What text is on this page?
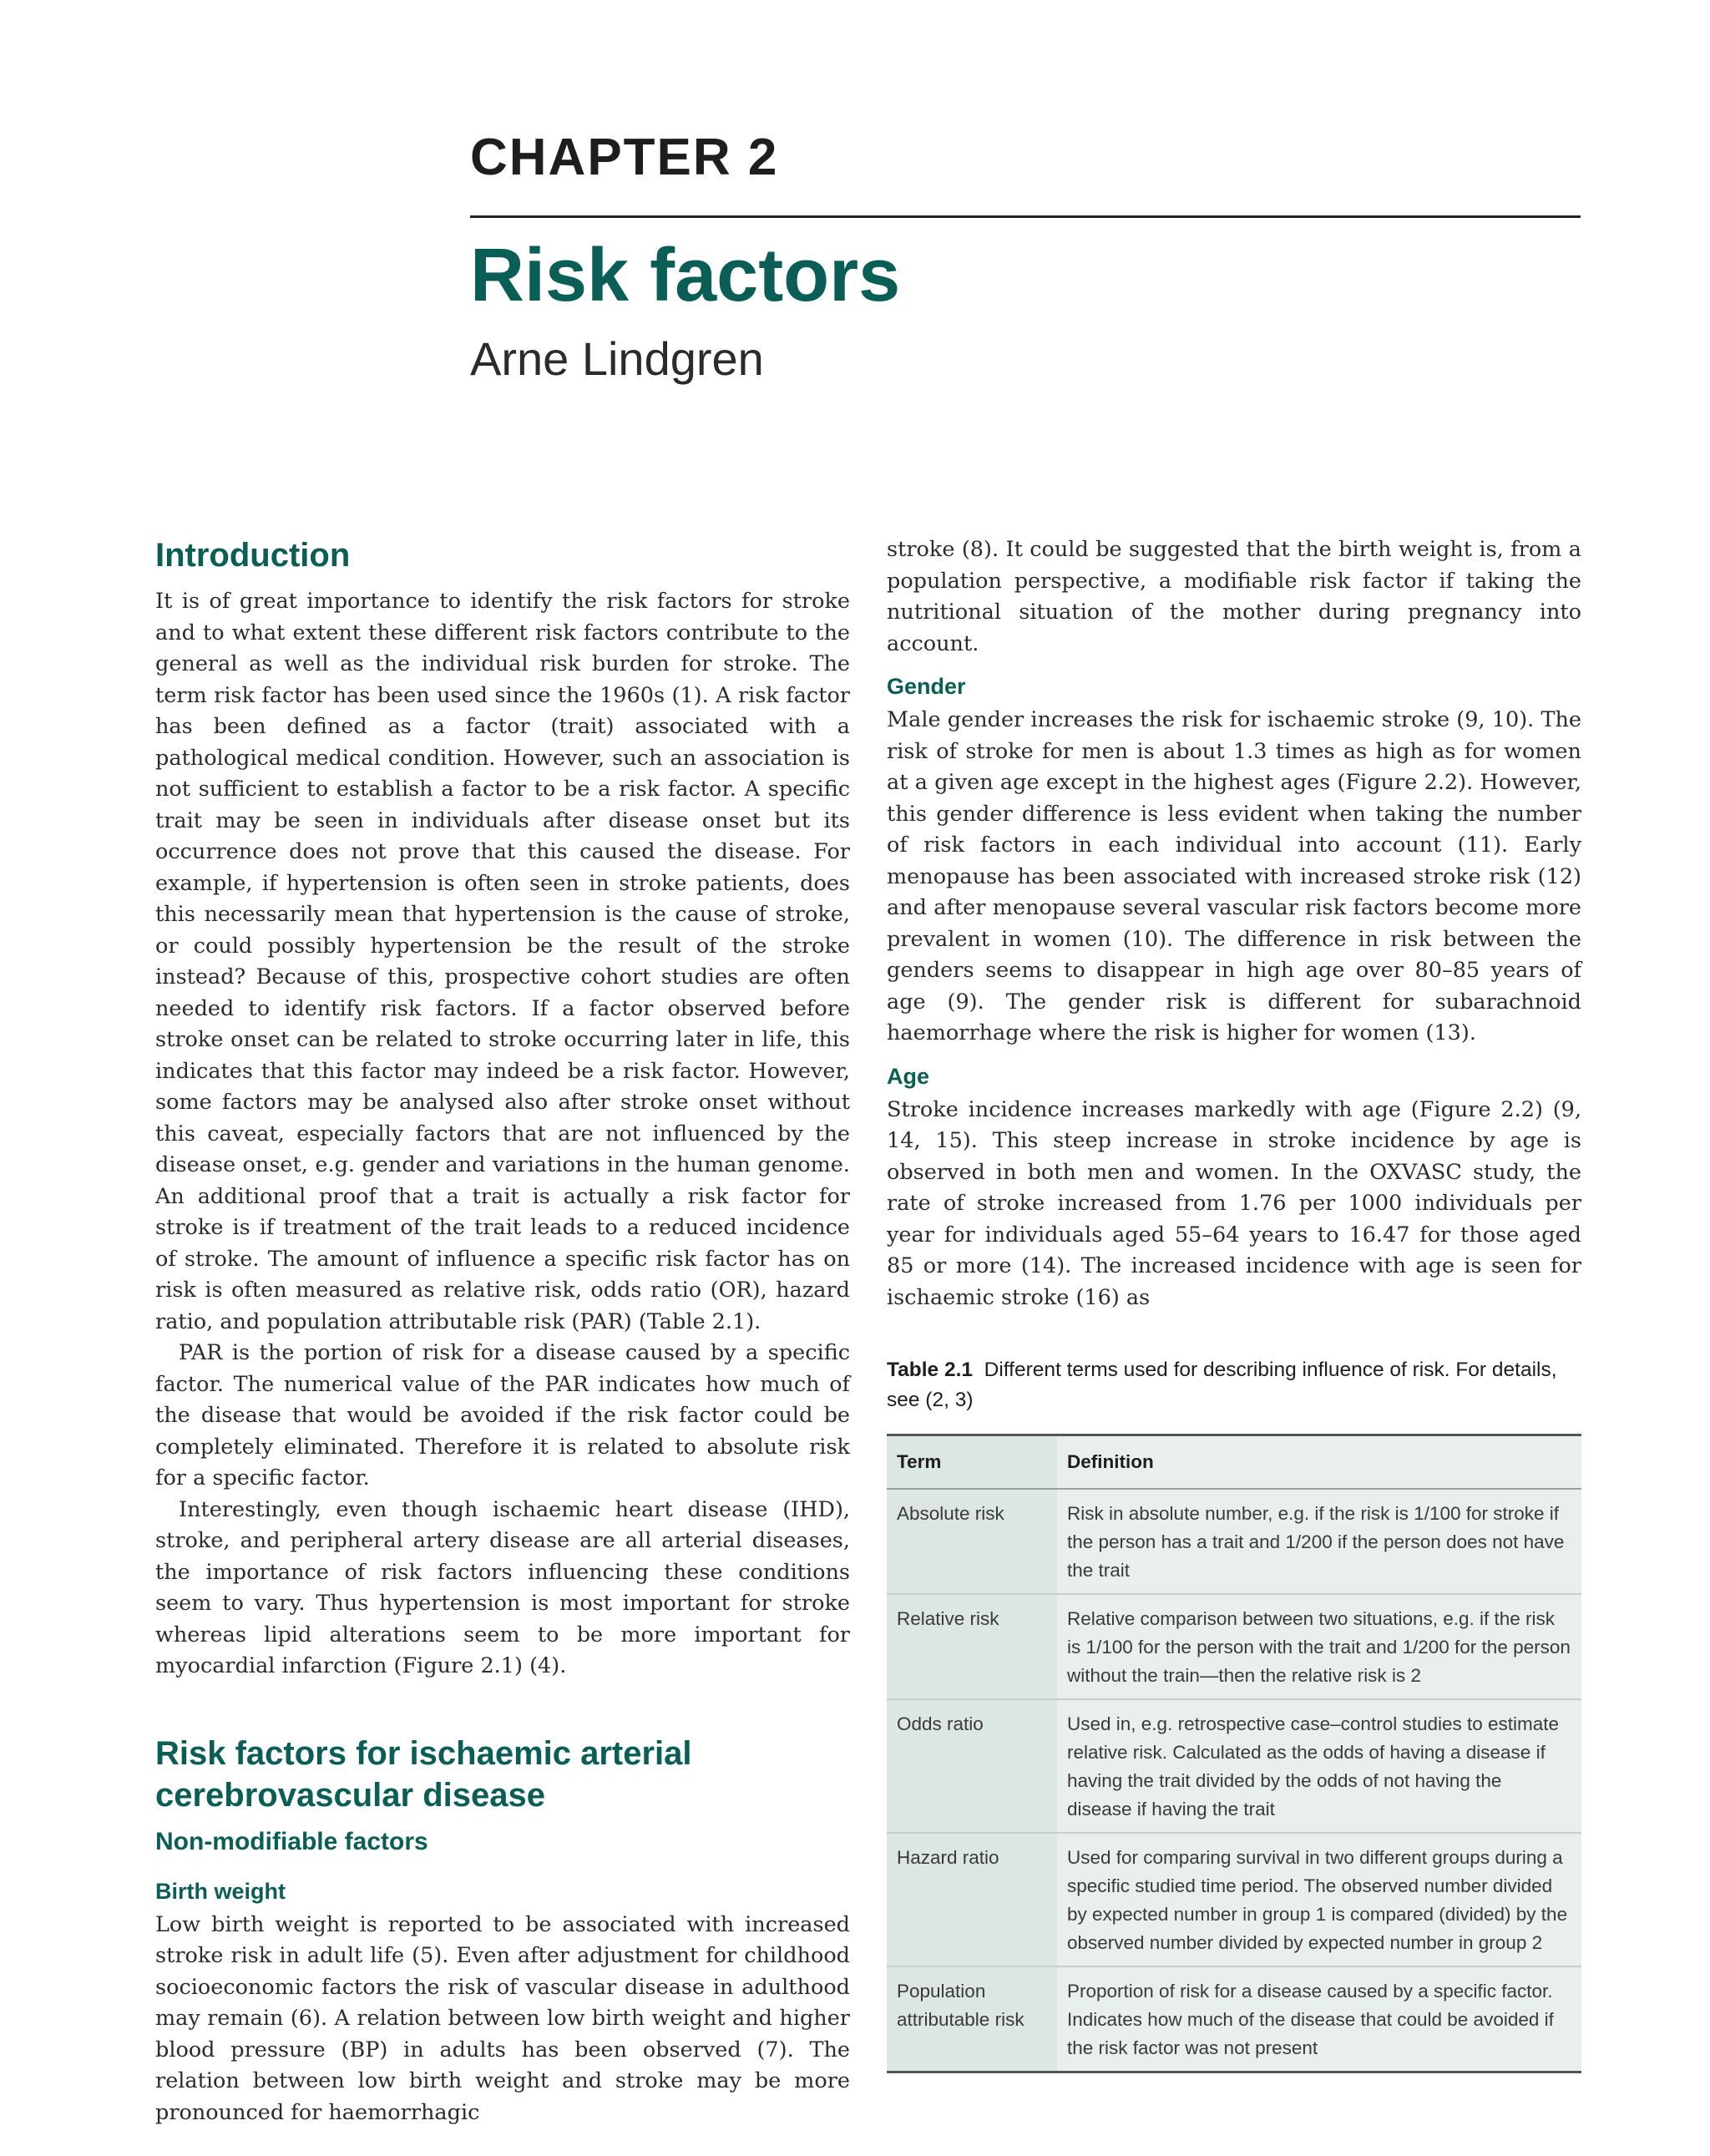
CHAPTER 2
Risk factors
Arne Lindgren
Introduction

It is of great importance to identify the risk factors for stroke and to what extent these different risk factors contribute to the general as well as the individual risk burden for stroke. The term risk factor has been used since the 1960s (1). A risk factor has been defined as a factor (trait) associated with a pathological medical condition. However, such an association is not sufficient to establish a factor to be a risk factor. A specific trait may be seen in individuals after disease onset but its occurrence does not prove that this caused the disease. For example, if hypertension is often seen in stroke patients, does this necessarily mean that hypertension is the cause of stroke, or could possibly hypertension be the result of the stroke instead? Because of this, prospective cohort studies are often needed to identify risk factors. If a factor observed before stroke onset can be related to stroke occurring later in life, this indicates that this factor may indeed be a risk factor. However, some factors may be analysed also after stroke onset without this caveat, especially factors that are not influenced by the disease onset, e.g. gender and variations in the human genome. An additional proof that a trait is actually a risk factor for stroke is if treatment of the trait leads to a reduced incidence of stroke. The amount of influence a specific risk factor has on risk is often measured as relative risk, odds ratio (OR), hazard ratio, and population attributable risk (PAR) (Table 2.1).

PAR is the portion of risk for a disease caused by a specific factor. The numerical value of the PAR indicates how much of the disease that would be avoided if the risk factor could be completely eliminated. Therefore it is related to absolute risk for a specific factor.

Interestingly, even though ischaemic heart disease (IHD), stroke, and peripheral artery disease are all arterial diseases, the importance of risk factors influencing these conditions seem to vary. Thus hypertension is most important for stroke whereas lipid alterations seem to be more important for myocardial infarction (Figure 2.1) (4).

Risk factors for ischaemic arterial cerebrovascular disease
Non-modifiable factors
Birth weight

Low birth weight is reported to be associated with increased stroke risk in adult life (5). Even after adjustment for childhood socioeconomic factors the risk of vascular disease in adulthood may remain (6). A relation between low birth weight and higher blood pressure (BP) in adults has been observed (7). The relation between low birth weight and stroke may be more pronounced for haemorrhagic

stroke (8). It could be suggested that the birth weight is, from a population perspective, a modifiable risk factor if taking the nutritional situation of the mother during pregnancy into account.

Gender

Male gender increases the risk for ischaemic stroke (9, 10). The risk of stroke for men is about 1.3 times as high as for women at a given age except in the highest ages (Figure 2.2). However, this gender difference is less evident when taking the number of risk factors in each individual into account (11). Early menopause has been associated with increased stroke risk (12) and after menopause several vascular risk factors become more prevalent in women (10). The difference in risk between the genders seems to disappear in high age over 80–85 years of age (9). The gender risk is different for subarachnoid haemorrhage where the risk is higher for women (13).

Age

Stroke incidence increases markedly with age (Figure 2.2) (9, 14, 15). This steep increase in stroke incidence by age is observed in both men and women. In the OXVASC study, the rate of stroke increased from 1.76 per 1000 individuals per year for individuals aged 55–64 years to 16.47 for those aged 85 or more (14). The increased incidence with age is seen for ischaemic stroke (16) as

Table 2.1 Different terms used for describing influence of risk. For details, see (2, 3)

Term	Definition
Absolute risk	Risk in absolute number, e.g. if the risk is 1/100 for stroke if the person has a trait and 1/200 if the person does not have the trait
Relative risk	Relative comparison between two situations, e.g. if the risk is 1/100 for the person with the trait and 1/200 for the person without the train—then the relative risk is 2
Odds ratio	Used in, e.g. retrospective case–control studies to estimate relative risk. Calculated as the odds of having a disease if having the trait divided by the odds of not having the disease if having the trait
Hazard ratio	Used for comparing survival in two different groups during a specific studied time period. The observed number divided by expected number in group 1 is compared (divided) by the observed number divided by expected number in group 2
Population attributable risk	Proportion of risk for a disease caused by a specific factor. Indicates how much of the disease that could be avoided if the risk factor was not present
